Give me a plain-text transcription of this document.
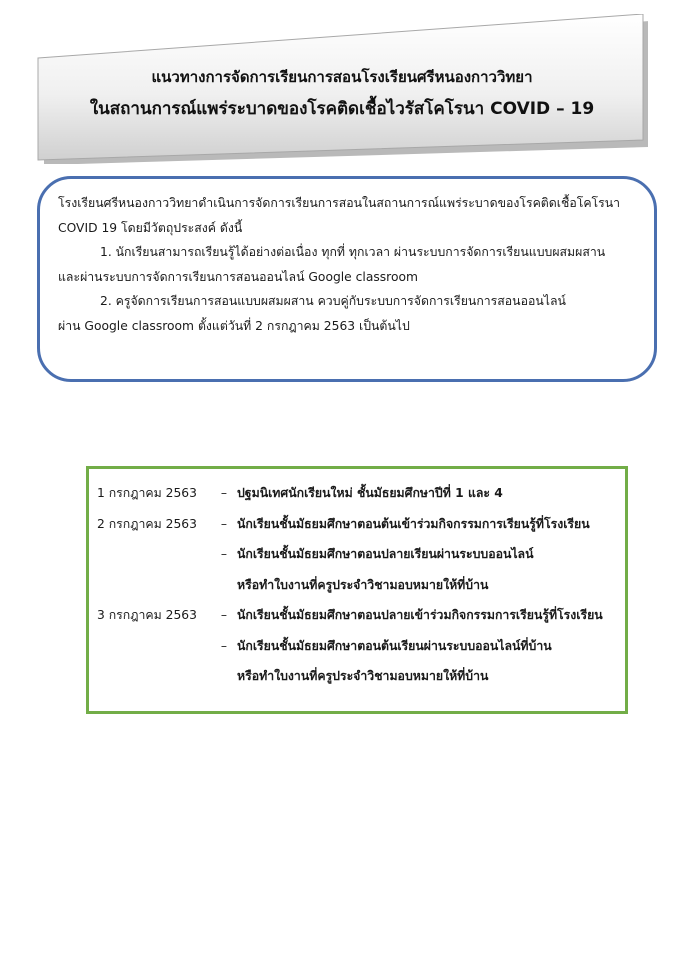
แนวทางการจัดการเรียนการสอนโรงเรียนศรีหนองกาววิทยา
ในสถานการณ์แพร่ระบาดของโรคติดเชื้อไวรัสโคโรนา COVID – 19

โรงเรียนศรีหนองกาววิทยาดำเนินการจัดการเรียนการสอนในสถานการณ์แพร่ระบาดของโรคติดเชื้อโคโรนา

COVID 19 โดยมีวัตถุประสงค์ ดังนี้

1. นักเรียนสามารถเรียนรู้ได้อย่างต่อเนื่อง ทุกที่ ทุกเวลา ผ่านระบบการจัดการเรียนแบบผสมผสาน

และผ่านระบบการจัดการเรียนการสอนออนไลน์ Google classroom

2. ครูจัดการเรียนการสอนแบบผสมผสาน ควบคู่กับระบบการจัดการเรียนการสอนออนไลน์

ผ่าน Google classroom ตั้งแต่วันที่ 2 กรกฎาคม 2563 เป็นต้นไป

1 กรกฎาคม 2563	– ปฐมนิเทศนักเรียนใหม่ ชั้นมัธยมศึกษาปีที่ 1 และ 4
2 กรกฎาคม 2563	– นักเรียนชั้นมัธยมศึกษาตอนต้นเข้าร่วมกิจกรรมการเรียนรู้ที่โรงเรียน
– นักเรียนชั้นมัธยมศึกษาตอนปลายเรียนผ่านระบบออนไลน์
หรือทำใบงานที่ครูประจำวิชามอบหมายให้ที่บ้าน
3 กรกฎาคม 2563	– นักเรียนชั้นมัธยมศึกษาตอนปลายเข้าร่วมกิจกรรมการเรียนรู้ที่โรงเรียน
– นักเรียนชั้นมัธยมศึกษาตอนต้นเรียนผ่านระบบออนไลน์ที่บ้าน
หรือทำใบงานที่ครูประจำวิชามอบหมายให้ที่บ้าน
